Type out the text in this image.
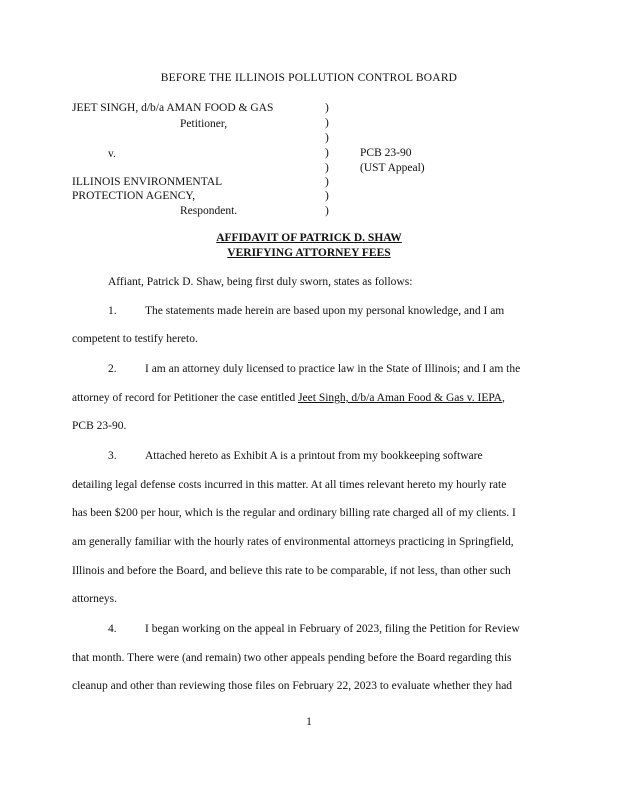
BEFORE THE ILLINOIS POLLUTION CONTROL BOARD
JEET SINGH, d/b/a AMAN FOOD & GAS
Petitioner,
v.
ILLINOIS ENVIRONMENTAL
PROTECTION AGENCY,
Respondent.
)
)
)
)
)
)
)
)
PCB 23-90
(UST Appeal)
AFFIDAVIT OF PATRICK D. SHAW
VERIFYING ATTORNEY FEES
Affiant, Patrick D. Shaw, being first duly sworn, states as follows:
1. The statements made herein are based upon my personal knowledge, and I am
competent to testify hereto.
2. I am an attorney duly licensed to practice law in the State of Illinois; and I am the
attorney of record for Petitioner the case entitled Jeet Singh, d/b/a Aman Food & Gas v. IEPA,
PCB 23-90.
3. Attached hereto as Exhibit A is a printout from my bookkeeping software
detailing legal defense costs incurred in this matter. At all times relevant hereto my hourly rate
has been $200 per hour, which is the regular and ordinary billing rate charged all of my clients. I
am generally familiar with the hourly rates of environmental attorneys practicing in Springfield,
Illinois and before the Board, and believe this rate to be comparable, if not less, than other such
attorneys.
4. I began working on the appeal in February of 2023, filing the Petition for Review
that month. There were (and remain) two other appeals pending before the Board regarding this
cleanup and other than reviewing those files on February 22, 2023 to evaluate whether they had
1
